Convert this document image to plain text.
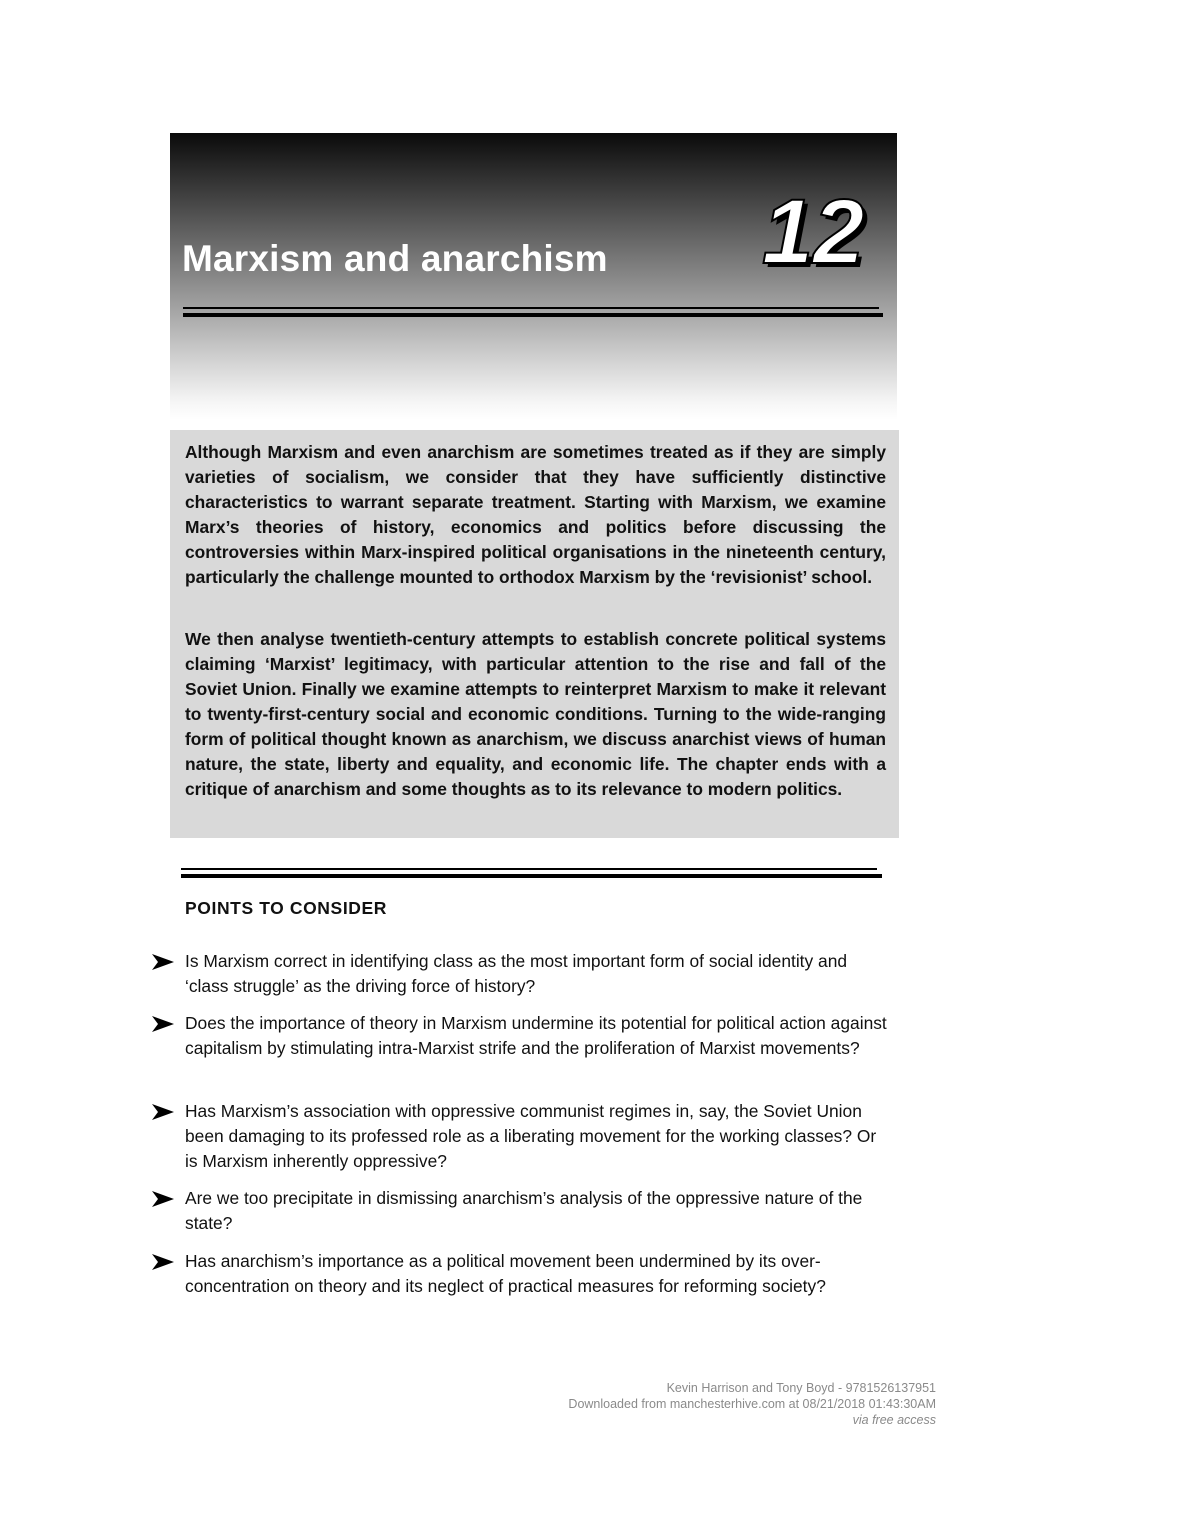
Marxism and anarchism 12

Although Marxism and even anarchism are sometimes treated as if they are simply varieties of socialism, we consider that they have sufficiently distinctive characteristics to warrant separate treatment. Starting with Marxism, we examine Marx’s theories of history, economics and politics before discussing the controversies within Marx-inspired political organisations in the nineteenth century, particularly the challenge mounted to orthodox Marxism by the ‘revisionist’ school.

We then analyse twentieth-century attempts to establish concrete political systems claiming ‘Marxist’ legitimacy, with particular attention to the rise and fall of the Soviet Union. Finally we examine attempts to reinterpret Marxism to make it relevant to twenty-first-century social and economic conditions. Turning to the wide-ranging form of political thought known as anarchism, we discuss anarchist views of human nature, the state, liberty and equality, and economic life. The chapter ends with a critique of anarchism and some thoughts as to its relevance to modern politics.

POINTS TO CONSIDER

Is Marxism correct in identifying class as the most important form of social identity and ‘class struggle’ as the driving force of history?

Does the importance of theory in Marxism undermine its potential for political action against capitalism by stimulating intra-Marxist strife and the proliferation of Marxist movements?

Has Marxism’s association with oppressive communist regimes in, say, the Soviet Union been damaging to its professed role as a liberating movement for the working classes? Or is Marxism inherently oppressive?

Are we too precipitate in dismissing anarchism’s analysis of the oppressive nature of the state?

Has anarchism’s importance as a political movement been undermined by its over-concentration on theory and its neglect of practical measures for reforming society?

Kevin Harrison and Tony Boyd - 9781526137951
Downloaded from manchesterhive.com at 08/21/2018 01:43:30AM
via free access
